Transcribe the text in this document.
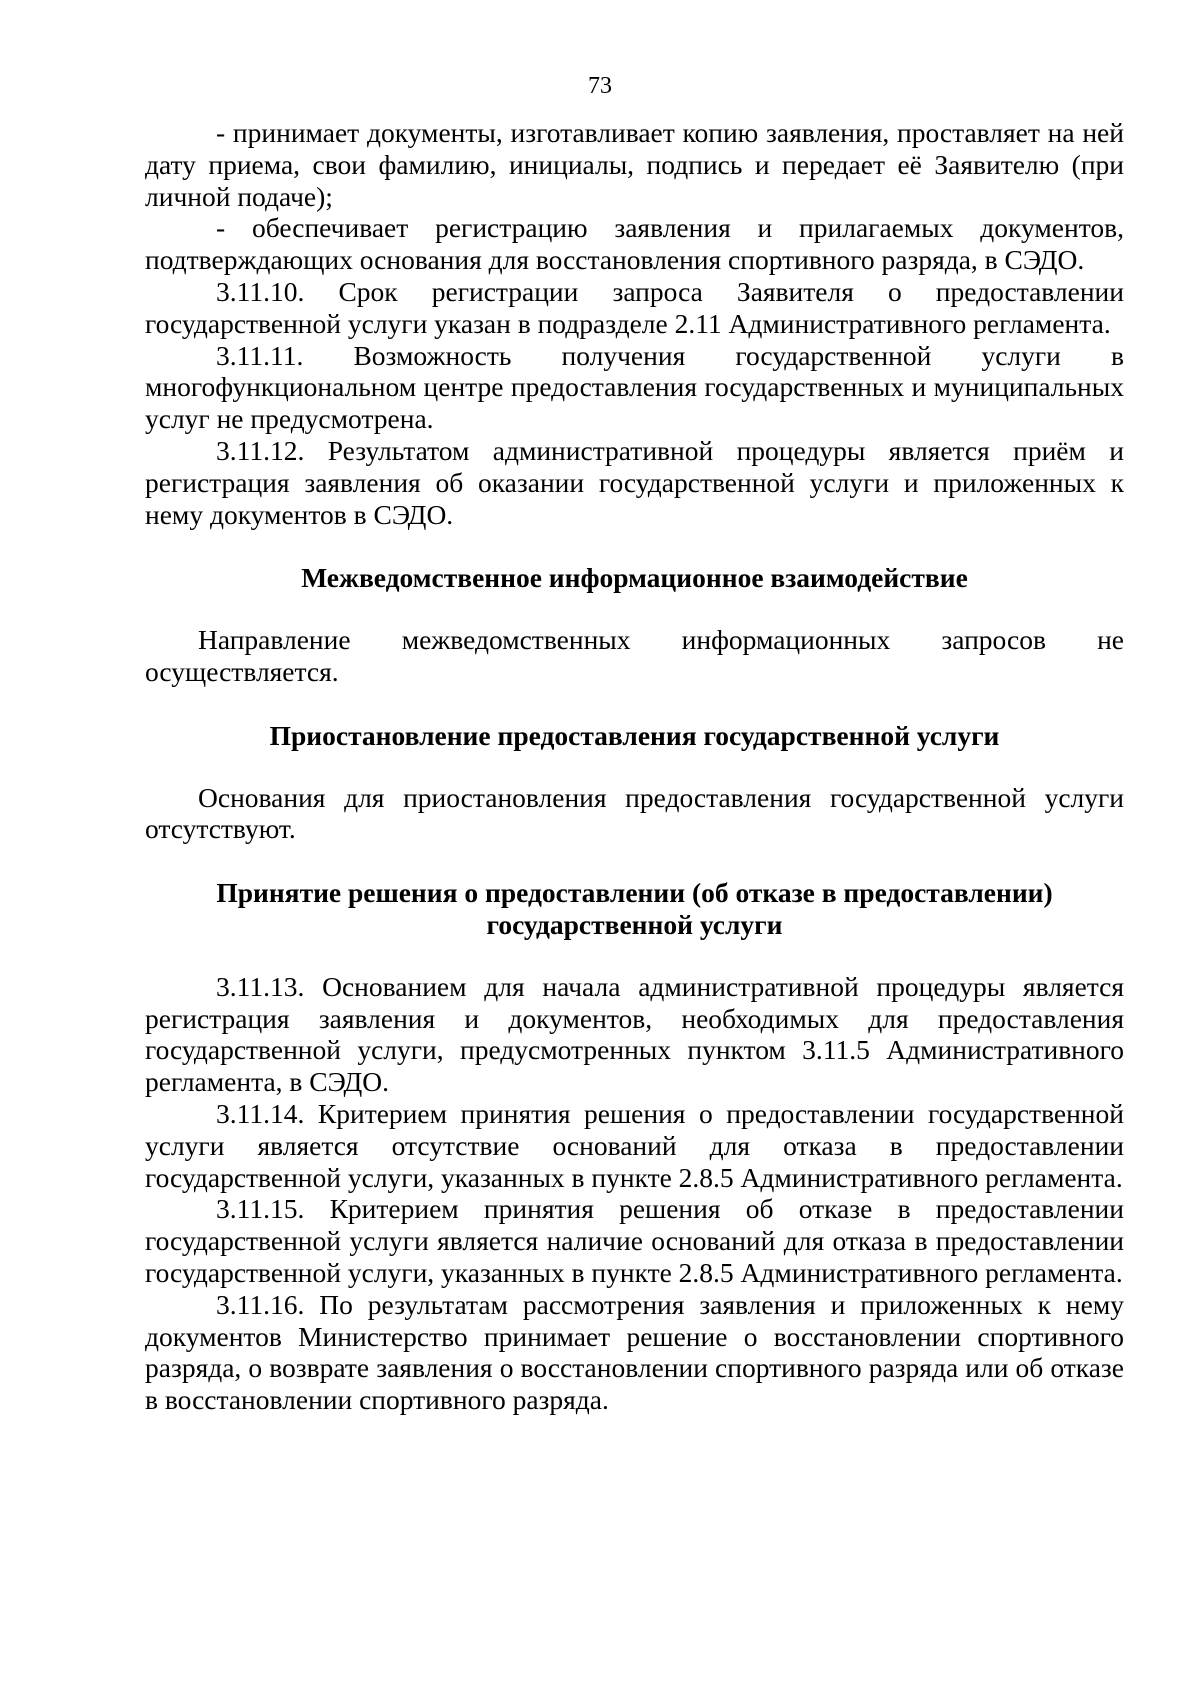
73

- принимает документы, изготавливает копию заявления, проставляет на ней дату приема, свои фамилию, инициалы, подпись и передает её Заявителю (при личной подаче);

- обеспечивает регистрацию заявления и прилагаемых документов, подтверждающих основания для восстановления спортивного разряда, в СЭДО.

3.11.10. Срок регистрации запроса Заявителя о предоставлении государственной услуги указан в подразделе 2.11 Административного регламента.

3.11.11. Возможность получения государственной услуги в многофункциональном центре предоставления государственных и муниципальных услуг не предусмотрена.

3.11.12. Результатом административной процедуры является приём и регистрация заявления об оказании государственной услуги и приложенных к нему документов в СЭДО.

Межведомственное информационное взаимодействие

Направление межведомственных информационных запросов не осуществляется.

Приостановление предоставления государственной услуги

Основания для приостановления предоставления государственной услуги отсутствуют.

Принятие решения о предоставлении (об отказе в предоставлении)

государственной услуги

3.11.13. Основанием для начала административной процедуры является регистрация заявления и документов, необходимых для предоставления государственной услуги, предусмотренных пунктом 3.11.5 Административного регламента, в СЭДО.

3.11.14. Критерием принятия решения о предоставлении государственной услуги является отсутствие оснований для отказа в предоставлении государственной услуги, указанных в пункте 2.8.5 Административного регламента.

3.11.15. Критерием принятия решения об отказе в предоставлении государственной услуги является наличие оснований для отказа в предоставлении государственной услуги, указанных в пункте 2.8.5 Административного регламента.

3.11.16. По результатам рассмотрения заявления и приложенных к нему документов Министерство принимает решение о восстановлении спортивного разряда, о возврате заявления о восстановлении спортивного разряда или об отказе в восстановлении спортивного разряда.
